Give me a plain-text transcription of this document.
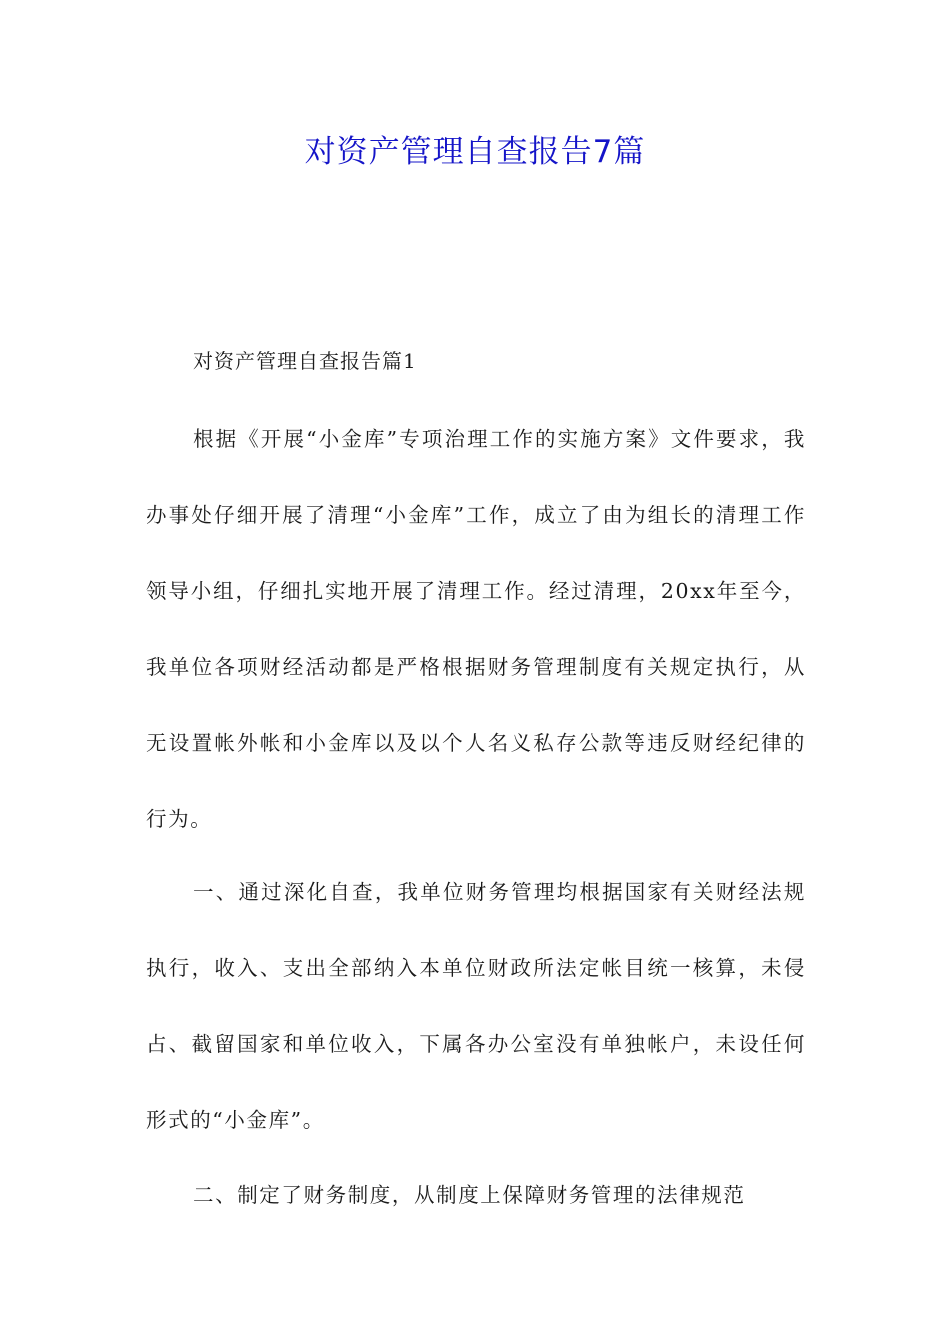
对资产管理自查报告7篇

对资产管理自查报告篇1

根据《开展“小金库”专项治理工作的实施方案》文件要求，我办事处仔细开展了清理“小金库”工作，成立了由为组长的清理工作领导小组，仔细扎实地开展了清理工作。经过清理，20xx年至今，我单位各项财经活动都是严格根据财务管理制度有关规定执行，从无设置帐外帐和小金库以及以个人名义私存公款等违反财经纪律的行为。

一、通过深化自查，我单位财务管理均根据国家有关财经法规执行，收入、支出全部纳入本单位财政所法定帐目统一核算，未侵占、截留国家和单位收入，下属各办公室没有单独帐户，未设任何形式的“小金库”。

二、制定了财务制度，从制度上保障财务管理的法律规范
